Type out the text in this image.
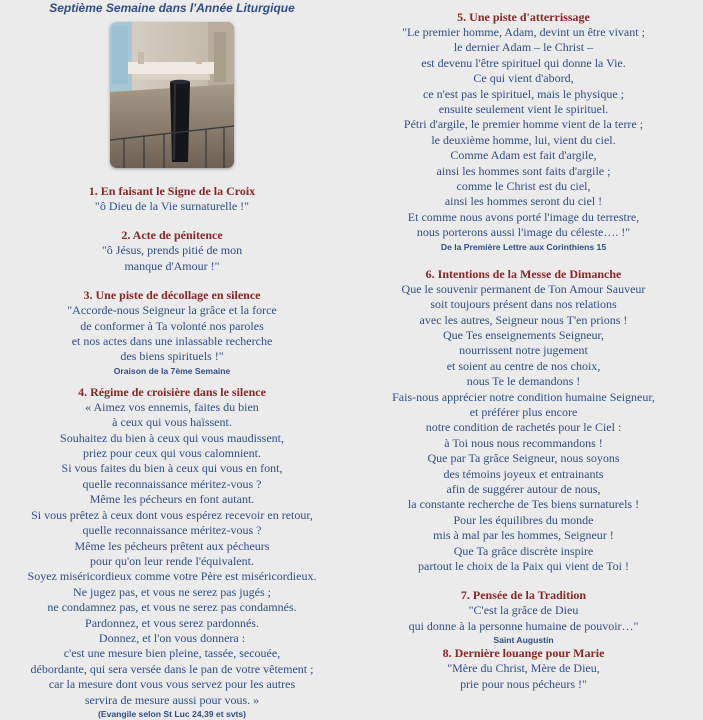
Septième Semaine dans l'Année Liturgique
1. En faisant le Signe de la Croix
"ô Dieu de la Vie surnaturelle !"
2. Acte de pénitence
"ô Jésus, prends pitié de mon
manque d'Amour !"
3. Une piste de décollage en silence
"Accorde-nous Seigneur la grâce et la force
de conformer à Ta volonté nos paroles
et nos actes dans une inlassable recherche
des biens spirituels !"
Oraison de la 7ème Semaine
4. Régime de croisière dans le silence
« Aimez vos ennemis, faites du bien
à ceux qui vous haïssent.
Souhaitez du bien à ceux qui vous maudissent,
priez pour ceux qui vous calomnient.
Si vous faites du bien à ceux qui vous en font,
quelle reconnaissance méritez-vous ?
Même les pécheurs en font autant.
Si vous prêtez à ceux dont vous espérez recevoir en retour,
quelle reconnaissance méritez-vous ?
Même les pécheurs prêtent aux pécheurs
pour qu'on leur rende l'équivalent.
Soyez miséricordieux comme votre Père est miséricordieux.
Ne jugez pas, et vous ne serez pas jugés ;
ne condamnez pas, et vous ne serez pas condamnés.
Pardonnez, et vous serez pardonnés.
Donnez, et l'on vous donnera :
c'est une mesure bien pleine, tassée, secouée,
débordante, qui sera versée dans le pan de votre vêtement ;
car la mesure dont vous vous servez pour les autres
servira de mesure aussi pour vous. »
(Evangile selon St Luc 24,39 et svts)
5. Une piste d'atterrissage
"Le premier homme, Adam, devint un être vivant ;
le dernier Adam – le Christ –
est devenu l'être spirituel qui donne la Vie.
Ce qui vient d'abord,
ce n'est pas le spirituel, mais le physique ;
ensuite seulement vient le spirituel.
Pétri d'argile, le premier homme vient de la terre ;
le deuxième homme, lui, vient du ciel.
Comme Adam est fait d'argile,
ainsi les hommes sont faits d'argile ;
comme le Christ est du ciel,
ainsi les hommes seront du ciel !
Et comme nous avons porté l'image du terrestre,
nous porterons aussi l'image du céleste…. !"
De la Première Lettre aux Corinthiens 15
6. Intentions de la Messe de Dimanche
Que le souvenir permanent de Ton Amour Sauveur
soit toujours présent dans nos relations
avec les autres, Seigneur nous T'en prions !
Que Tes enseignements Seigneur,
nourrissent notre jugement
et soient au centre de nos choix,
nous Te le demandons !
Fais-nous apprécier notre condition humaine Seigneur,
et préférer plus encore
notre condition de rachetés pour le Ciel :
à Toi nous nous recommandons !
Que par Ta grâce Seigneur, nous soyons
des témoins joyeux et entrainants
afin de suggérer autour de nous,
la constante recherche de Tes biens surnaturels !
Pour les équilibres du monde
mis à mal par les hommes, Seigneur !
Que Ta grâce discrète inspire
partout le choix de la Paix qui vient de Toi !
7. Pensée de la Tradition
"C'est la grâce de Dieu
qui donne à la personne humaine de pouvoir…"
Saint Augustin
8. Dernière louange pour Marie
"Mère du Christ, Mère de Dieu,
prie pour nous pécheurs !"
